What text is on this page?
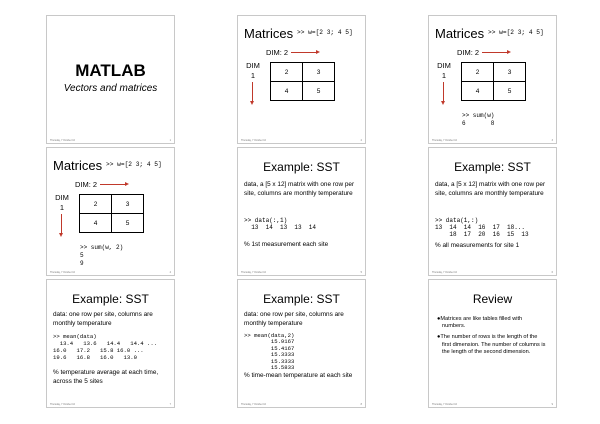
MATLAB
Vectors and matrices
Thursday, 7 October 10	1
Matrices >> w=[2 3; 4 5]
DIM: 2
DIM
1	2	3
4	5
Thursday, 7 October 10	2
Matrices >> w=[2 3; 4 5]
DIM: 2
DIM
1	2	3
4	5
>> sum(w)
6       8
Thursday, 7 October 10	3
Matrices >> w=[2 3; 4 5]
DIM: 2
DIM
1	2	3
4	5
>> sum(w, 2)
5
9
Thursday, 7 October 10	4
Example: SST
data, a [5 x 12] matrix with one row per site, columns are monthly temperature
>> data(:,1)
13  14  13  13  14
% 1st measurement each site
Thursday, 7 October 10	5
Example: SST
data, a [5 x 12] matrix with one row per site, columns are monthly temperature
>> data(1,:)
13  14  14  16  17  18...
18  17  20  16  15  13
% all measurements for site 1
Thursday, 7 October 10	6
Example: SST
data: one row per site, columns are monthly temperature
>> mean(data)
13.4   13.6   14.4   14.4 ...
16.0   17.2   15.8 16.0 ...
19.6   16.8   16.0   13.0
% temperature average at each time, across the 5 sites
Thursday, 7 October 10	7
Example: SST
data: one row per site, columns are monthly temperature
>> mean(data,2)
15.9167
15.4167
15.3333
15.3333
15.5833
% time-mean temperature at each site
Thursday, 7 October 10	8
Review
●Matrices are like tables filled with numbers.
●The number of rows is the length of the first dimension. The number of columns is the length of the second dimension.
Thursday, 7 October 10	9
